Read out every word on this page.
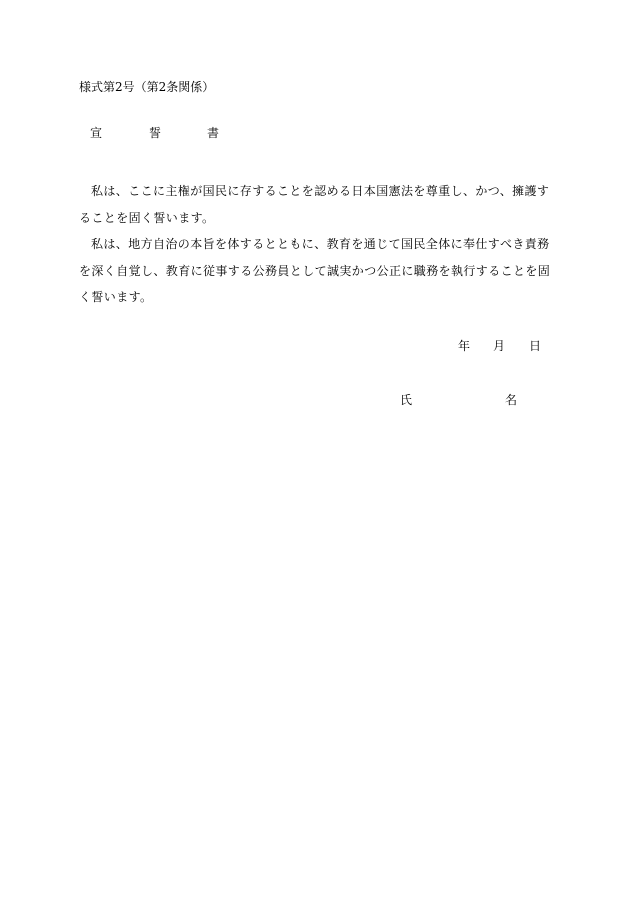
様式第2号（第2条関係）
宣	誓	書

私は、ここに主権が国民に存することを認める日本国憲法を尊重し、かつ、擁護することを固く誓います。

私は、地方自治の本旨を体するとともに、教育を通じて国民全体に奉仕すべき責務を深く自覚し、教育に従事する公務員として誠実かつ公正に職務を執行することを固く誓います。

年 月 日
氏	名
